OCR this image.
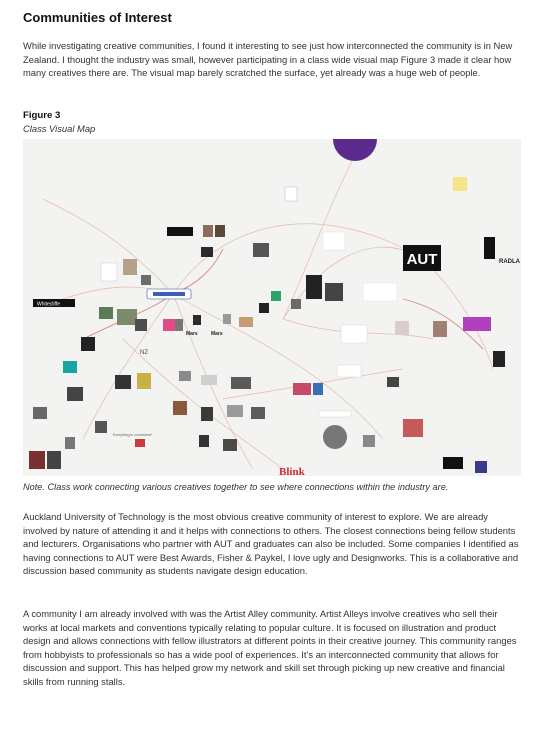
Communities of Interest

While investigating creative communities, I found it interesting to see just how interconnected the community is in New Zealand. I thought the industry was small, however participating in a class wide visual map Figure 3 made it clear how many creatives there are. The visual map barely scratched the surface, yet already was a huge web of people.

Figure 3
Class Visual Map
AUT	RADLA
Whitecliffe
NZ
Mars	Mars
Blink
Everything is connected!!
Note. Class work connecting various creatives together to see where connections within the industry are.

Auckland University of Technology is the most obvious creative community of interest to explore. We are already involved by nature of attending it and it helps with connections to others. The closest connections being fellow students and lecturers. Organisations who partner with AUT and graduates can also be included. Some companies I identified as having connections to AUT were Best Awards, Fisher & Paykel, I love ugly and Designworks. This is a collaborative and discussion based community as students navigate design education.

A community I am already involved with was the Artist Alley community. Artist Alleys involve creatives who sell their works at local markets and conventions typically relating to popular culture. It is focused on illustration and product design and allows connections with fellow illustrators at different points in their creative journey. This community ranges from hobbyists to professionals so has a wide pool of experiences. It’s an interconnected community that allows for discussion and support. This has helped grow my network and skill set through picking up new creative and financial skills from running stalls.
